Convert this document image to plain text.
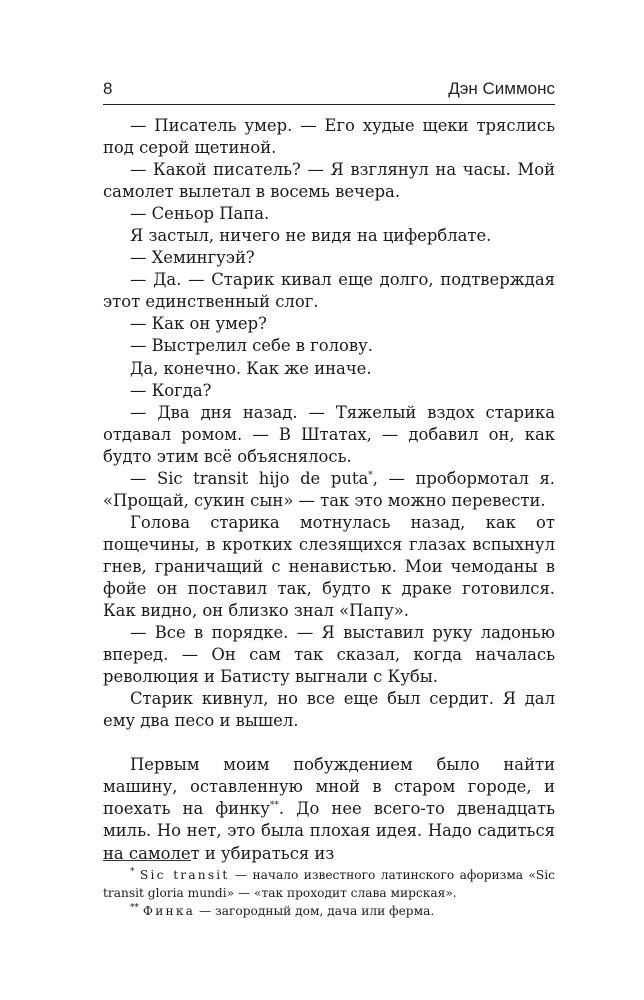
8	Дэн Симмонс

— Писатель умер. — Его худые щеки тряслись под серой щетиной.

— Какой писатель? — Я взглянул на часы. Мой самолет вылетал в восемь вечера.

— Сеньор Папа.

Я застыл, ничего не видя на циферблате.

— Хемингуэй?

— Да. — Старик кивал еще долго, подтверждая этот единственный слог.

— Как он умер?

— Выстрелил себе в голову.

Да, конечно. Как же иначе.

— Когда?

— Два дня назад. — Тяжелый вздох старика отдавал ромом. — В Штатах, — добавил он, как будто этим всё объяснялось.

— Sic transit hijo de puta*, — пробормотал я. «Прощай, сукин сын» — так это можно перевести.

Голова старика мотнулась назад, как от пощечины, в кротких слезящихся глазах вспыхнул гнев, граничащий с ненавистью. Мои чемоданы в фойе он поставил так, будто к драке готовился. Как видно, он близко знал «Папу».

— Все в порядке. — Я выставил руку ладонью вперед. — Он сам так сказал, когда началась революция и Батисту выгнали с Кубы.

Старик кивнул, но все еще был сердит. Я дал ему два песо и вышел.

Первым моим побуждением было найти машину, оставленную мной в старом городе, и поехать на финку**. До нее всего-то двенадцать миль. Но нет, это была плохая идея. Надо садиться на самолет и убираться из

* Sic transit — начало известного латинского афоризма «Sic transit gloria mundi» — «так проходит слава мирская».

** Финка — загородный дом, дача или ферма.
